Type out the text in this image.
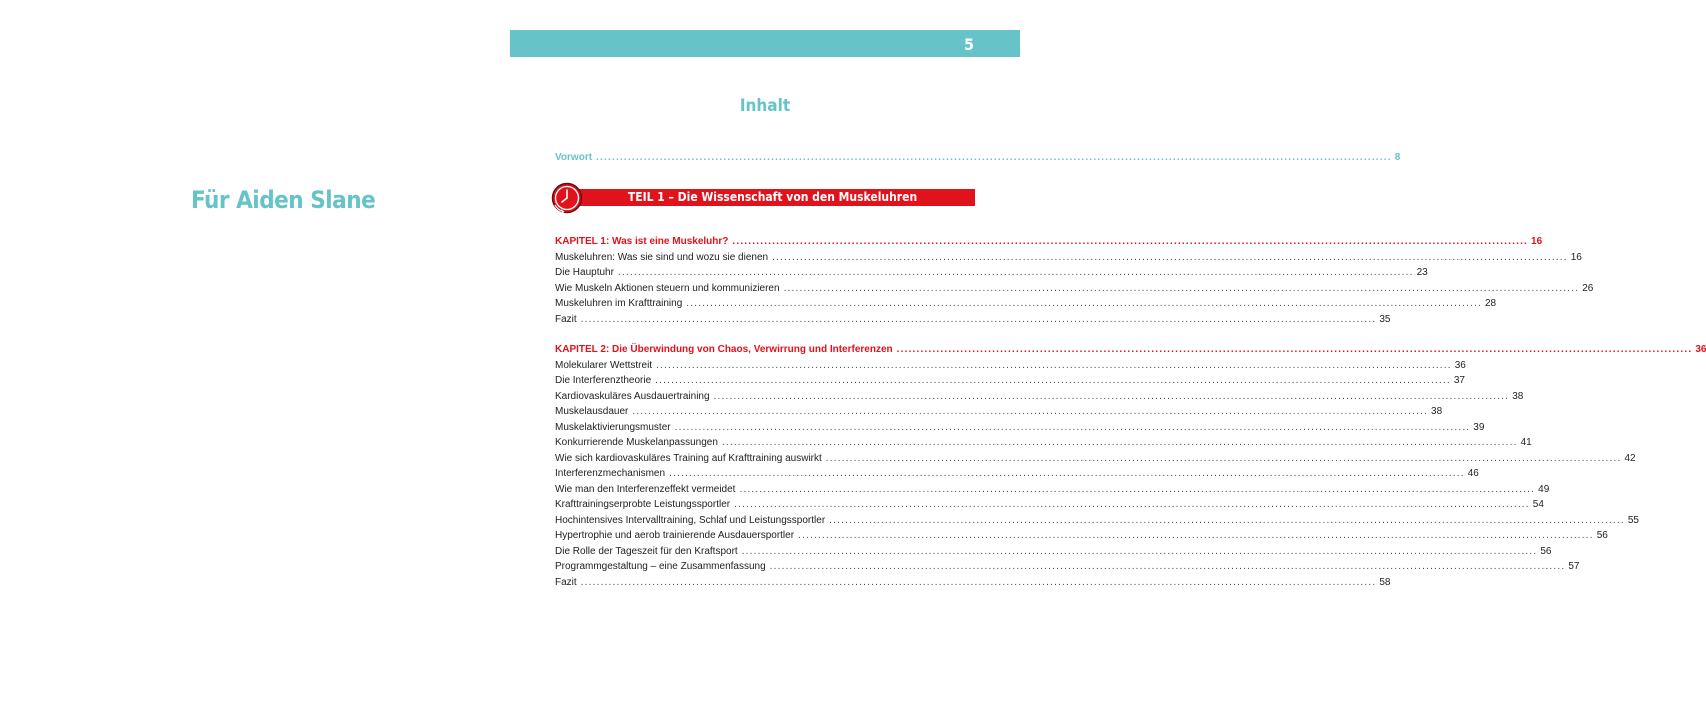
5
Für Aiden Slane
Inhalt
Vorwort ........................................................................................................................................................................................................ 8
TEIL 1 – Die Wissenschaft von den Muskeluhren
KAPITEL 1: Was ist eine Muskeluhr? ........................................................................................................................................................................................................ 16
Muskeluhren: Was sie sind und wozu sie dienen ........................................................................................................................................................................................................ 16
Die Hauptuhr ........................................................................................................................................................................................................ 23
Wie Muskeln Aktionen steuern und kommunizieren ........................................................................................................................................................................................................ 26
Muskeluhren im Krafttraining ........................................................................................................................................................................................................ 28
Fazit ........................................................................................................................................................................................................ 35
KAPITEL 2: Die Überwindung von Chaos, Verwirrung und Interferenzen ........................................................................................................................................................................................................ 36
Molekularer Wettstreit ........................................................................................................................................................................................................ 36
Die Interferenztheorie ........................................................................................................................................................................................................ 37
Kardiovaskuläres Ausdauertraining ........................................................................................................................................................................................................ 38
Muskelausdauer ........................................................................................................................................................................................................ 38
Muskelaktivierungsmuster ........................................................................................................................................................................................................ 39
Konkurrierende Muskelanpassungen ........................................................................................................................................................................................................ 41
Wie sich kardiovaskuläres Training auf Krafttraining auswirkt ........................................................................................................................................................................................................ 42
Interferenzmechanismen ........................................................................................................................................................................................................ 46
Wie man den Interferenzeffekt vermeidet ........................................................................................................................................................................................................ 49
Krafttrainingserprobte Leistungssportler ........................................................................................................................................................................................................ 54
Hochintensives Intervalltraining, Schlaf und Leistungssportler ........................................................................................................................................................................................................ 55
Hypertrophie und aerob trainierende Ausdauersportler ........................................................................................................................................................................................................ 56
Die Rolle der Tageszeit für den Kraftsport ........................................................................................................................................................................................................ 56
Programmgestaltung – eine Zusammenfassung ........................................................................................................................................................................................................ 57
Fazit ........................................................................................................................................................................................................ 58
